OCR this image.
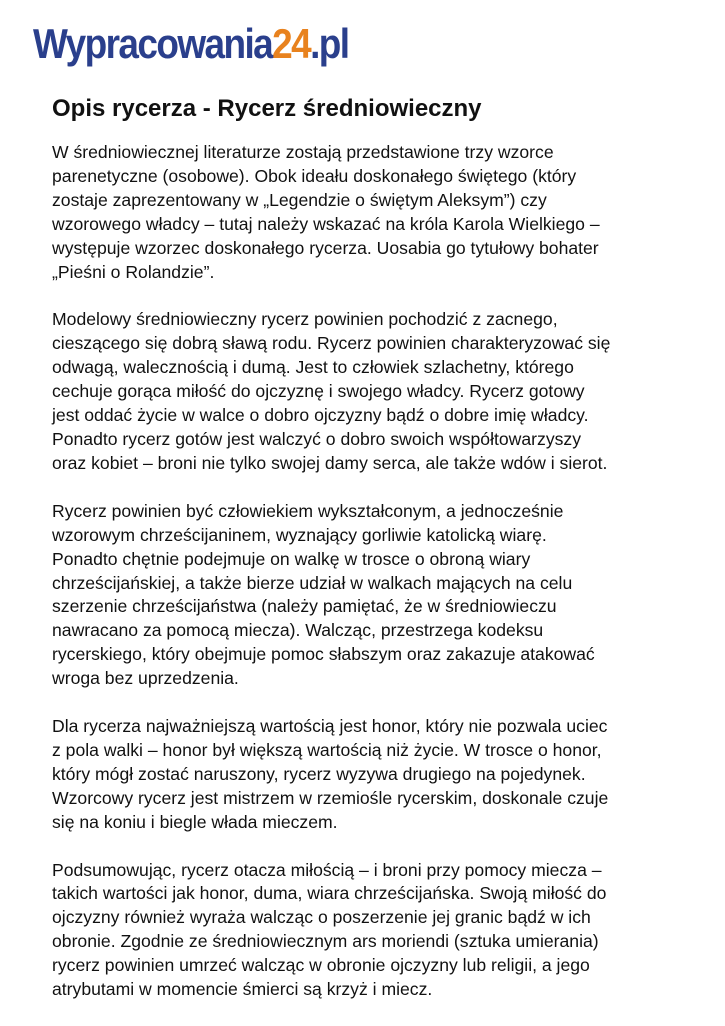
Wypracowania24.pl
Opis rycerza - Rycerz średniowieczny

W średniowiecznej literaturze zostają przedstawione trzy wzorce
parenetyczne (osobowe). Obok ideału doskonałego świętego (który
zostaje zaprezentowany w „Legendzie o świętym Aleksym”) czy
wzorowego władcy – tutaj należy wskazać na króla Karola Wielkiego –
występuje wzorzec doskonałego rycerza. Uosabia go tytułowy bohater
„Pieśni o Rolandzie”.

Modelowy średniowieczny rycerz powinien pochodzić z zacnego,
cieszącego się dobrą sławą rodu. Rycerz powinien charakteryzować się
odwagą, walecznością i dumą. Jest to człowiek szlachetny, którego
cechuje gorąca miłość do ojczyznę i swojego władcy. Rycerz gotowy
jest oddać życie w walce o dobro ojczyzny bądź o dobre imię władcy.
Ponadto rycerz gotów jest walczyć o dobro swoich współtowarzyszy
oraz kobiet – broni nie tylko swojej damy serca, ale także wdów i sierot.

Rycerz powinien być człowiekiem wykształconym, a jednocześnie
wzorowym chrześcijaninem, wyznający gorliwie katolicką wiarę.
Ponadto chętnie podejmuje on walkę w trosce o obroną wiary
chrześcijańskiej, a także bierze udział w walkach mających na celu
szerzenie chrześcijaństwa (należy pamiętać, że w średniowieczu
nawracano za pomocą miecza). Walcząc, przestrzega kodeksu
rycerskiego, który obejmuje pomoc słabszym oraz zakazuje atakować
wroga bez uprzedzenia.

Dla rycerza najważniejszą wartością jest honor, który nie pozwala uciec
z pola walki – honor był większą wartością niż życie. W trosce o honor,
który mógł zostać naruszony, rycerz wyzywa drugiego na pojedynek.
Wzorcowy rycerz jest mistrzem w rzemiośle rycerskim, doskonale czuje
się na koniu i biegle włada mieczem.

Podsumowując, rycerz otacza miłością – i broni przy pomocy miecza –
takich wartości jak honor, duma, wiara chrześcijańska. Swoją miłość do
ojczyzny również wyraża walcząc o poszerzenie jej granic bądź w ich
obronie. Zgodnie ze średniowiecznym ars moriendi (sztuka umierania)
rycerz powinien umrzeć walcząc w obronie ojczyzny lub religii, a jego
atrybutami w momencie śmierci są krzyż i miecz.
